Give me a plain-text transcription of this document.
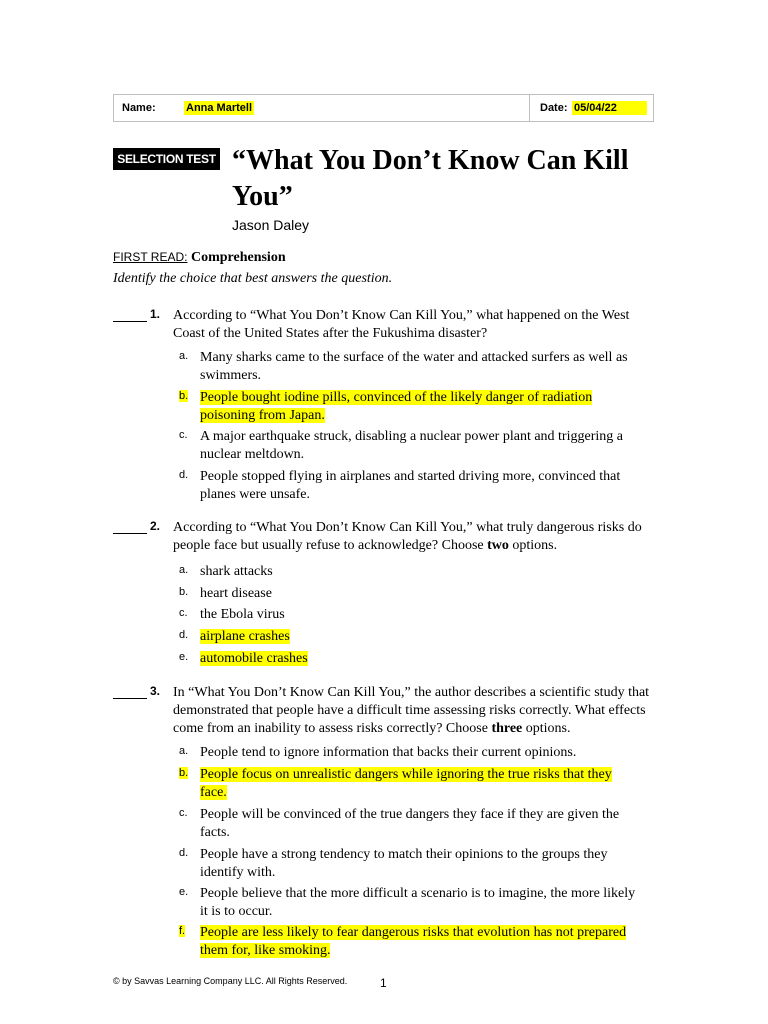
Name:	Anna Martell	Date: 05/04/22
SELECTION TEST “What You Don’t Know Can Kill You”
Jason Daley
FIRST READ: Comprehension
Identify the choice that best answers the question.
1. According to “What You Don’t Know Can Kill You,” what happened on the West Coast of the United States after the Fukushima disaster?
a. Many sharks came to the surface of the water and attacked surfers as well as swimmers.
b. People bought iodine pills, convinced of the likely danger of radiation poisoning from Japan.
c. A major earthquake struck, disabling a nuclear power plant and triggering a nuclear meltdown.
d. People stopped flying in airplanes and started driving more, convinced that planes were unsafe.
2. According to “What You Don’t Know Can Kill You,” what truly dangerous risks do people face but usually refuse to acknowledge? Choose two options.
a. shark attacks
b. heart disease
c. the Ebola virus
d. airplane crashes
e. automobile crashes
3. In “What You Don’t Know Can Kill You,” the author describes a scientific study that demonstrated that people have a difficult time assessing risks correctly. What effects come from an inability to assess risks correctly? Choose three options.
a. People tend to ignore information that backs their current opinions.
b. People focus on unrealistic dangers while ignoring the true risks that they face.
c. People will be convinced of the true dangers they face if they are given the facts.
d. People have a strong tendency to match their opinions to the groups they identify with.
e. People believe that the more difficult a scenario is to imagine, the more likely it is to occur.
f. People are less likely to fear dangerous risks that evolution has not prepared them for, like smoking.
© by Savvas Learning Company LLC. All Rights Reserved.	1
